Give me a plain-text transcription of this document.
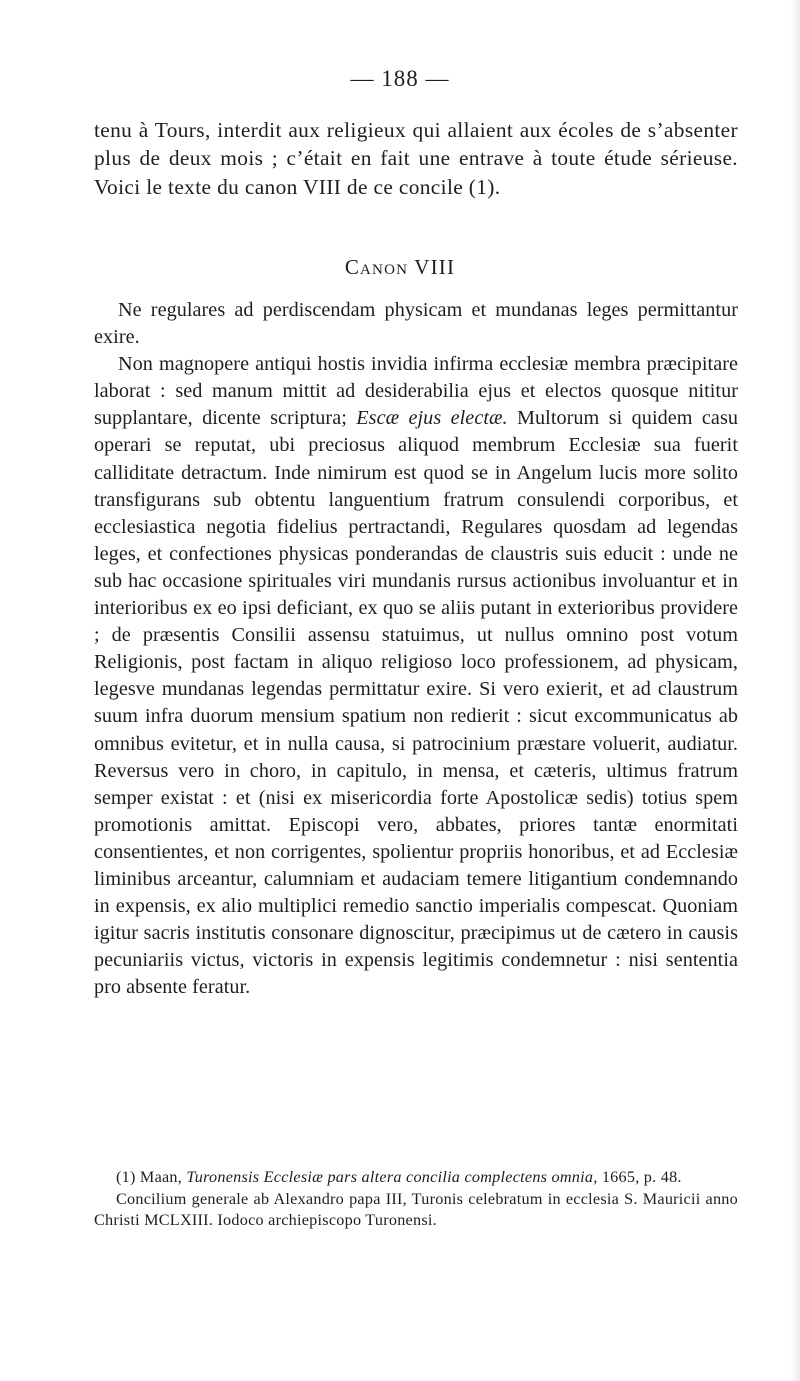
— 188 —

tenu à Tours, interdit aux religieux qui allaient aux écoles de s’absenter plus de deux mois ; c’était en fait une entrave à toute étude sérieuse. Voici le texte du canon VIII de ce concile (1).

Canon VIII

Ne regulares ad perdiscendam physicam et mundanas leges permittantur exire.

Non magnopere antiqui hostis invidia infirma ecclesiæ membra præcipitare laborat : sed manum mittit ad desiderabilia ejus et electos quosque nititur supplantare, dicente scriptura; Escæ ejus electæ. Multorum si quidem casu operari se reputat, ubi preciosus aliquod membrum Ecclesiæ sua fuerit calliditate detractum. Inde nimirum est quod se in Angelum lucis more solito transfigurans sub obtentu languentium fratrum consulendi corporibus, et ecclesiastica negotia fidelius pertractandi, Regulares quosdam ad legendas leges, et confectiones physicas ponderandas de claustris suis educit : unde ne sub hac occasione spirituales viri mundanis rursus actionibus involuantur et in interioribus ex eo ipsi deficiant, ex quo se aliis putant in exterioribus providere ; de præsentis Consilii assensu statuimus, ut nullus omnino post votum Religionis, post factam in aliquo religioso loco professionem, ad physicam, legesve mundanas legendas permittatur exire. Si vero exierit, et ad claustrum suum infra duorum mensium spatium non redierit : sicut excommunicatus ab omnibus evitetur, et in nulla causa, si patrocinium præstare voluerit, audiatur. Reversus vero in choro, in capitulo, in mensa, et cæteris, ultimus fratrum semper existat : et (nisi ex misericordia forte Apostolicæ sedis) totius spem promotionis amittat. Episcopi vero, abbates, priores tantæ enormitati consentientes, et non corrigentes, spolientur propriis honoribus, et ad Ecclesiæ liminibus arceantur, calumniam et audaciam temere litigantium condemnando in expensis, ex alio multiplici remedio sanctio imperialis compescat. Quoniam igitur sacris institutis consonare dignoscitur, præcipimus ut de cætero in causis pecuniariis victus, victoris in expensis legitimis condemnetur : nisi sententia pro absente feratur.

(1) Maan, Turonensis Ecclesiæ pars altera concilia complectens omnia, 1665, p. 48.

Concilium generale ab Alexandro papa III, Turonis celebratum in ecclesia S. Mauricii anno Christi MCLXIII. Iodoco archiepiscopo Turonensi.
